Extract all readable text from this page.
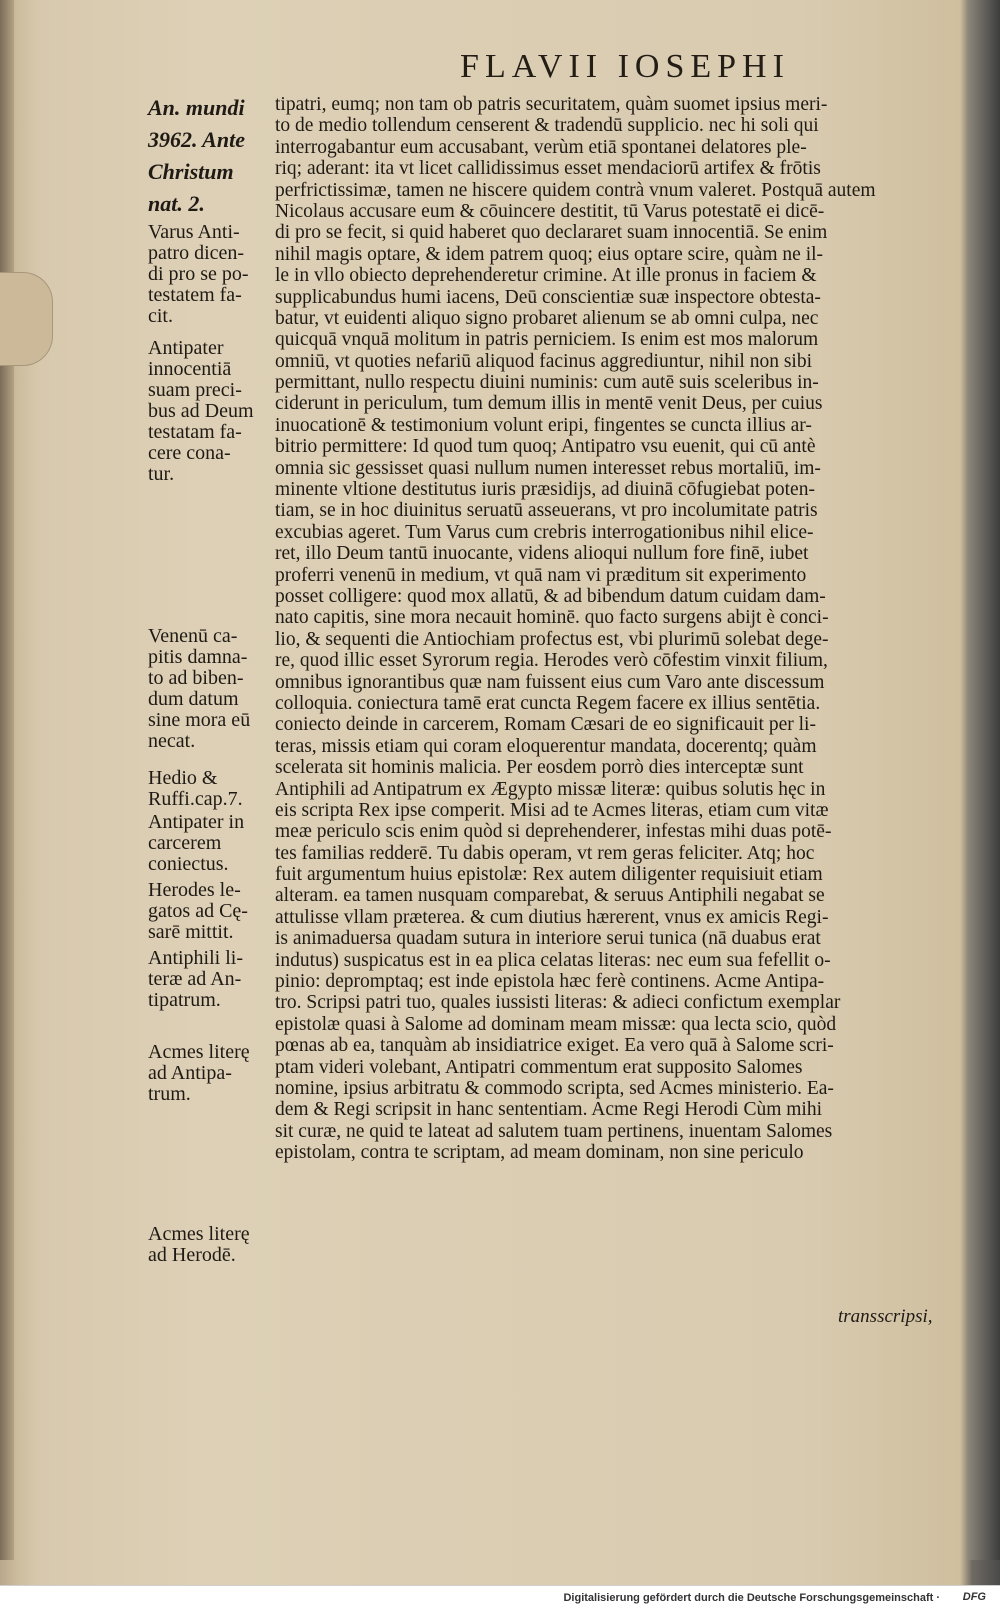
FLAVII IOSEPHI
An. mundi
3962. Ante
Christum
nat. 2.
Varus Anti-
patro dicen-
di pro se po-
testatem fa-
cit.
Antipater
innocentiā
suam preci-
bus ad Deum
testatam fa-
cere cona-
tur.
Venenū ca-
pitis damna-
to ad biben-
dum datum
sine mora eū
necat.
Hedio &
Ruffi.cap.7.
Antipater in
carcerem
coniectus.
Herodes le-
gatos ad Cę-
sarē mittit.
Antiphili li-
teræ ad An-
tipatrum.
Acmes literę
ad Antipa-
trum.
Acmes literę
ad Herodē.
tipatri, eumq; non tam ob patris securitatem, quàm suomet ipsius meri-
to de medio tollendum censerent & tradendū supplicio. nec hi soli qui
interrogabantur eum accusabant, verùm etiā spontanei delatores ple-
riq; aderant: ita vt licet callidissimus esset mendaciorū artifex & frōtis
perfrictissimæ, tamen ne hiscere quidem contrà vnum valeret. Postquā autem
Nicolaus accusare eum & cōuincere destitit, tū Varus potestatē ei dicē-
di pro se fecit, si quid haberet quo declararet suam innocentiā. Se enim
nihil magis optare, & idem patrem quoq; eius optare scire, quàm ne il-
le in vllo obiecto deprehenderetur crimine. At ille pronus in faciem &
supplicabundus humi iacens, Deū conscientiæ suæ inspectore obtesta-
batur, vt euidenti aliquo signo probaret alienum se ab omni culpa, nec
quicquā vnquā molitum in patris perniciem. Is enim est mos malorum
omniū, vt quoties nefariū aliquod facinus aggrediuntur, nihil non sibi
permittant, nullo respectu diuini numinis: cum autē suis sceleribus in-
ciderunt in periculum, tum demum illis in mentē venit Deus, per cuius
inuocationē & testimonium volunt eripi, fingentes se cuncta illius ar-
bitrio permittere: Id quod tum quoq; Antipatro vsu euenit, qui cū antè
omnia sic gessisset quasi nullum numen interesset rebus mortaliū, im-
minente vltione destitutus iuris præsidijs, ad diuinā cōfugiebat poten-
tiam, se in hoc diuinitus seruatū asseuerans, vt pro incolumitate patris
excubias ageret. Tum Varus cum crebris interrogationibus nihil elice-
ret, illo Deum tantū inuocante, videns alioqui nullum fore finē, iubet
proferri venenū in medium, vt quā nam vi præditum sit experimento
posset colligere: quod mox allatū, & ad bibendum datum cuidam dam-
nato capitis, sine mora necauit hominē. quo facto surgens abijt è conci-
lio, & sequenti die Antiochiam profectus est, vbi plurimū solebat dege-
re, quod illic esset Syrorum regia. Herodes verò cōfestim vinxit filium,
omnibus ignorantibus quæ nam fuissent eius cum Varo ante discessum
colloquia. coniectura tamē erat cuncta Regem facere ex illius sentētia.
coniecto deinde in carcerem, Romam Cæsari de eo significauit per li-
teras, missis etiam qui coram eloquerentur mandata, docerentq; quàm
scelerata sit hominis malicia. Per eosdem porrò dies interceptæ sunt
Antiphili ad Antipatrum ex Ægypto missæ literæ: quibus solutis hęc in
eis scripta Rex ipse comperit. Misi ad te Acmes literas, etiam cum vitæ
meæ periculo scis enim quòd si deprehenderer, infestas mihi duas potē-
tes familias redderē. Tu dabis operam, vt rem geras feliciter. Atq; hoc
fuit argumentum huius epistolæ: Rex autem diligenter requisiuit etiam
alteram. ea tamen nusquam comparebat, & seruus Antiphili negabat se
attulisse vllam præterea. & cum diutius hærerent, vnus ex amicis Regi-
is animaduersa quadam sutura in interiore serui tunica (nā duabus erat
indutus) suspicatus est in ea plica celatas literas: nec eum sua fefellit o-
pinio: depromptaq; est inde epistola hæc ferè continens. Acme Antipa-
tro. Scripsi patri tuo, quales iussisti literas: & adieci confictum exemplar
epistolæ quasi à Salome ad dominam meam missæ: qua lecta scio, quòd
pœnas ab ea, tanquàm ab insidiatrice exiget. Ea vero quā à Salome scri-
ptam videri volebant, Antipatri commentum erat supposito Salomes
nomine, ipsius arbitratu & commodo scripta, sed Acmes ministerio. Ea-
dem & Regi scripsit in hanc sententiam. Acme Regi Herodi Cùm mihi
sit curæ, ne quid te lateat ad salutem tuam pertinens, inuentam Salomes
epistolam, contra te scriptam, ad meam dominam, non sine periculo
transscripsi,
Digitalisierung gefördert durch die Deutsche Forschungsgemeinschaft · DFG
